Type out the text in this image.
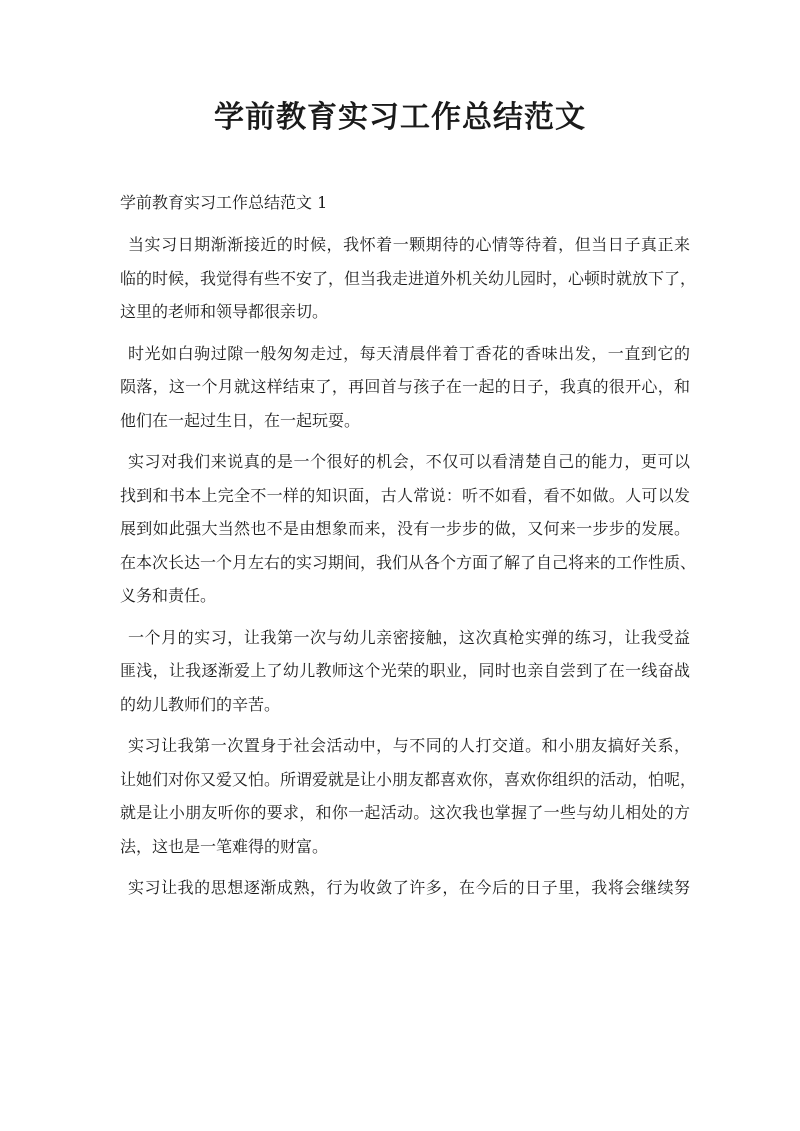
学前教育实习工作总结范文

学前教育实习工作总结范文 1

当实习日期渐渐接近的时候，我怀着一颗期待的心情等待着，但当日子真正来
临的时候，我觉得有些不安了，但当我走进道外机关幼儿园时，心顿时就放下了，
这里的老师和领导都很亲切。
时光如白驹过隙一般匆匆走过，每天清晨伴着丁香花的香味出发，一直到它的
陨落，这一个月就这样结束了，再回首与孩子在一起的日子，我真的很开心，和
他们在一起过生日，在一起玩耍。
实习对我们来说真的是一个很好的机会，不仅可以看清楚自己的能力，更可以
找到和书本上完全不一样的知识面，古人常说：听不如看，看不如做。人可以发
展到如此强大当然也不是由想象而来，没有一步步的做，又何来一步步的发展。
在本次长达一个月左右的实习期间，我们从各个方面了解了自己将来的工作性质、
义务和责任。
一个月的实习，让我第一次与幼儿亲密接触，这次真枪实弹的练习，让我受益
匪浅，让我逐渐爱上了幼儿教师这个光荣的职业，同时也亲自尝到了在一线奋战
的幼儿教师们的辛苦。
实习让我第一次置身于社会活动中，与不同的人打交道。和小朋友搞好关系，
让她们对你又爱又怕。所谓爱就是让小朋友都喜欢你，喜欢你组织的活动，怕呢，
就是让小朋友听你的要求，和你一起活动。这次我也掌握了一些与幼儿相处的方
法，这也是一笔难得的财富。
实习让我的思想逐渐成熟，行为收敛了许多，在今后的日子里，我将会继续努
